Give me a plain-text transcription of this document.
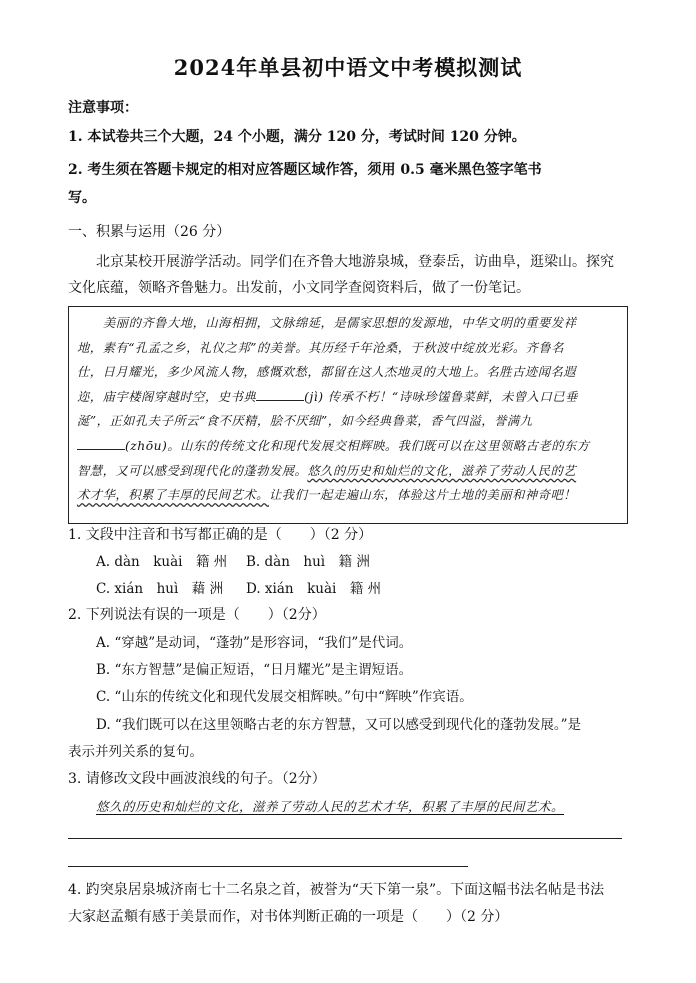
2024年单县初中语文中考模拟测试
注意事项：
1. 本试卷共三个大题，24 个小题，满分 120 分，考试时间 120 分钟。
2. 考生须在答题卡规定的相对应答题区域作答，须用 0.5 毫米黑色签字笔书
写。
一、积累与运用（26 分）
北京某校开展游学活动。同学们在齐鲁大地游泉城，登泰岳，访曲阜，逛梁山。探究
文化底蕴，领略齐鲁魅力。出发前，小文同学查阅资料后，做了一份笔记。

美丽的齐鲁大地，山海相拥，文脉绵延，是儒家思想的发源地，中华文明的重要发祥

地，素有“孔孟之乡，礼仪之邦”的美誉。其历经千年沧桑，于秋波中绽放光彩。齐鲁名

仕，日月耀光，多少风流人物，感慨欢愁，都留在这人杰地灵的大地上。名胜古迹闻名遐

迩，庙宇楼阁穿越时空，史书典	(jì) 传承不朽！“诗咏珍馐鲁菜鲜，未曾入口已垂

涎”，正如孔夫子所云“食不厌精，脍不厌细”，如今经典鲁菜，香气四溢，誉满九

(zhōu)。山东的传统文化和现代发展交相辉映。我们既可以在这里领略古老的东方

智慧，又可以感受到现代化的蓬勃发展。悠久的历史和灿烂的文化，滋养了劳动人民的艺

术才华，积累了丰厚的民间艺术。让我们一起走遍山东，体验这片土地的美丽和神奇吧！

1. 文段中注音和书写都正确的是（　　）（2 分）
A. dàn　kuài　籍 州 B. dàn　huì　籍 洲
C. xián　huì　藉 洲 D. xián　kuài　籍 州
2. 下列说法有误的一项是（　　）（2分）
A. “穿越”是动词，“蓬勃”是形容词，“我们”是代词。
B. “东方智慧”是偏正短语，“日月耀光”是主谓短语。
C. “山东的传统文化和现代发展交相辉映。”句中“辉映”作宾语。
D. “我们既可以在这里领略古老的东方智慧，又可以感受到现代化的蓬勃发展。”是
表示并列关系的复句。
3. 请修改文段中画波浪线的句子。（2分）
悠久的历史和灿烂的文化，滋养了劳动人民的艺术才华，积累了丰厚的民间艺术。
4. 趵突泉居泉城济南七十二名泉之首，被誉为“天下第一泉”。下面这幅书法名帖是书法
大家赵孟頫有感于美景而作，对书体判断正确的一项是（　　）（2 分）
